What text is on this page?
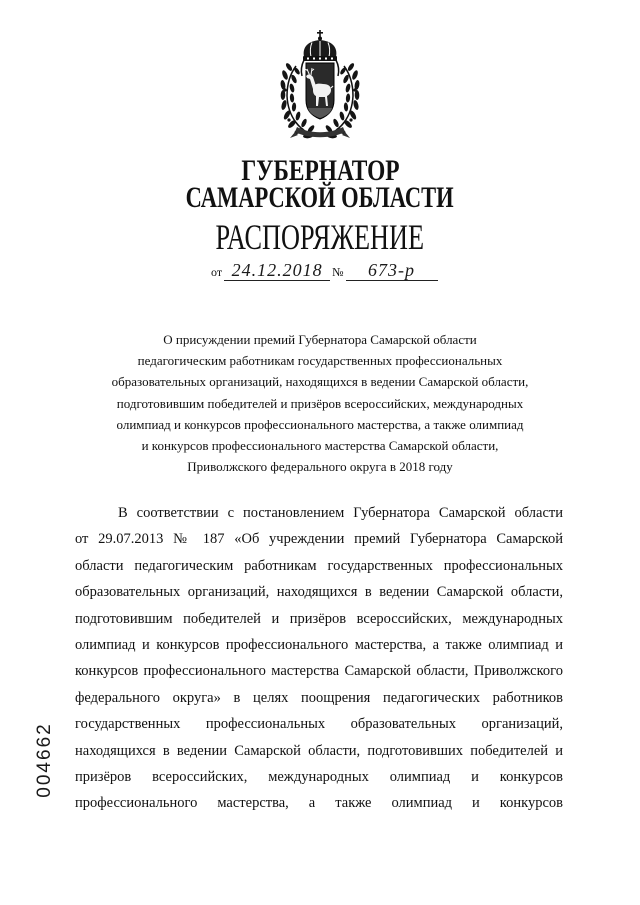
ГУБЕРНАТОР
САМАРСКОЙ ОБЛАСТИ
РАСПОРЯЖЕНИЕ
от 24.12.2018 №	673-р
О присуждении премий Губернатора Самарской области
педагогическим работникам государственных профессиональных
образовательных организаций, находящихся в ведении Самарской области,
подготовившим победителей и призёров всероссийских, международных
олимпиад и конкурсов профессионального мастерства, а также олимпиад
и конкурсов профессионального мастерства Самарской области,
Приволжского федерального округа в 2018 году
В соответствии с постановлением Губернатора Самарской области
от 29.07.2013 № 187 «Об учреждении премий Губернатора Самарской
области педагогическим работникам государственных профессиональных
образовательных организаций, находящихся в ведении Самарской области,
подготовившим победителей и призёров всероссийских, международных
олимпиад и конкурсов профессионального мастерства, а также олимпиад и
конкурсов профессионального мастерства Самарской области, Приволжского
федерального округа» в целях поощрения педагогических работников
государственных профессиональных образовательных организаций,
находящихся в ведении Самарской области, подготовивших победителей и
призёров всероссийских, международных олимпиад и конкурсов
профессионального мастерства, а также олимпиад и конкурсов
004662
